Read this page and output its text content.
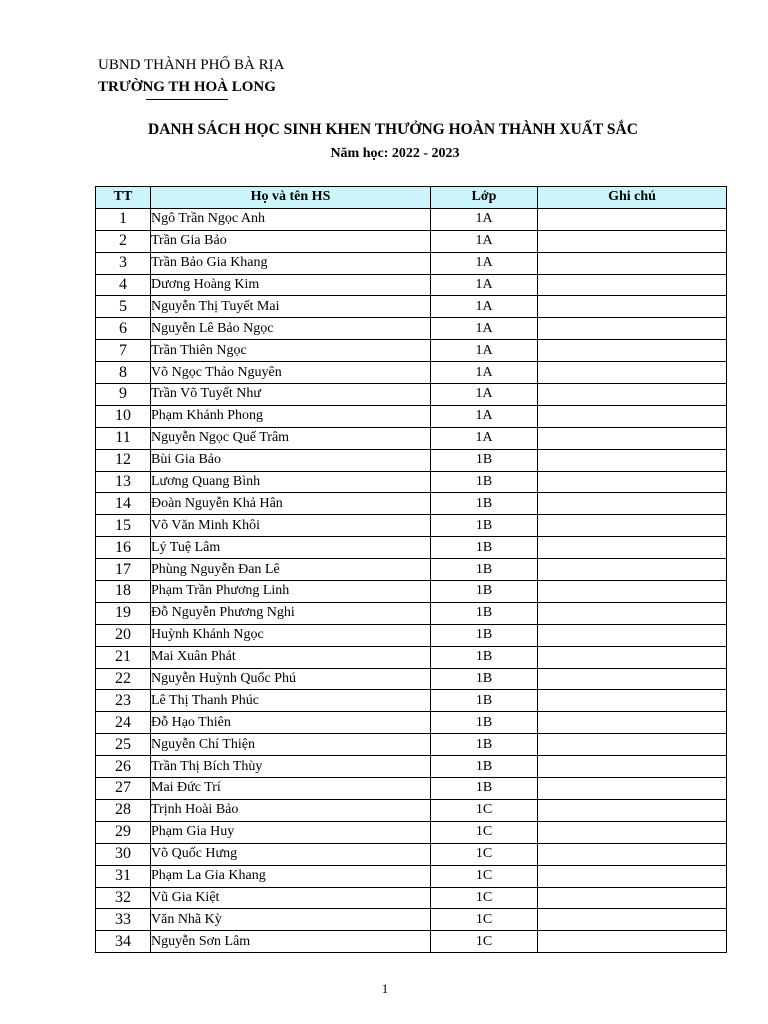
UBND THÀNH PHỐ BÀ RỊA
TRƯỜNG TH HOÀ LONG
DANH SÁCH HỌC SINH KHEN THƯỞNG HOÀN THÀNH XUẤT SẮC
Năm học: 2022 - 2023
TT	Họ và tên HS	Lớp	Ghi chú
1	Ngô Trần Ngọc Anh	1A	
2	Trần Gia Bảo	1A	
3	Trần Bảo Gia Khang	1A	
4	Dương Hoàng Kim	1A	
5	Nguyễn Thị Tuyết Mai	1A	
6	Nguyễn Lê Bảo Ngọc	1A	
7	Trần Thiên Ngọc	1A	
8	Võ Ngọc Thảo Nguyên	1A	
9	Trần Võ Tuyết Như	1A	
10	Phạm Khánh Phong	1A	
11	Nguyễn Ngọc Quế Trâm	1A	
12	Bùi Gia Bảo	1B	
13	Lương Quang Bình	1B	
14	Đoàn Nguyễn Khả Hân	1B	
15	Võ Văn Minh Khôi	1B	
16	Lý Tuệ Lâm	1B	
17	Phùng Nguyễn Đan Lê	1B	
18	Phạm Trần Phương Linh	1B	
19	Đỗ Nguyễn Phương Nghi	1B	
20	Huỳnh Khánh Ngọc	1B	
21	Mai Xuân Phát	1B	
22	Nguyễn Huỳnh Quốc Phú	1B	
23	Lê Thị Thanh Phúc	1B	
24	Đỗ Hạo Thiên	1B	
25	Nguyễn Chí Thiện	1B	
26	Trần Thị Bích Thùy	1B	
27	Mai Đức Trí	1B	
28	Trịnh Hoài Bảo	1C	
29	Phạm Gia Huy	1C	
30	Võ Quốc Hưng	1C	
31	Phạm La Gia Khang	1C	
32	Vũ Gia Kiệt	1C	
33	Văn Nhã Kỳ	1C	
34	Nguyễn Sơn Lâm	1C	
1
